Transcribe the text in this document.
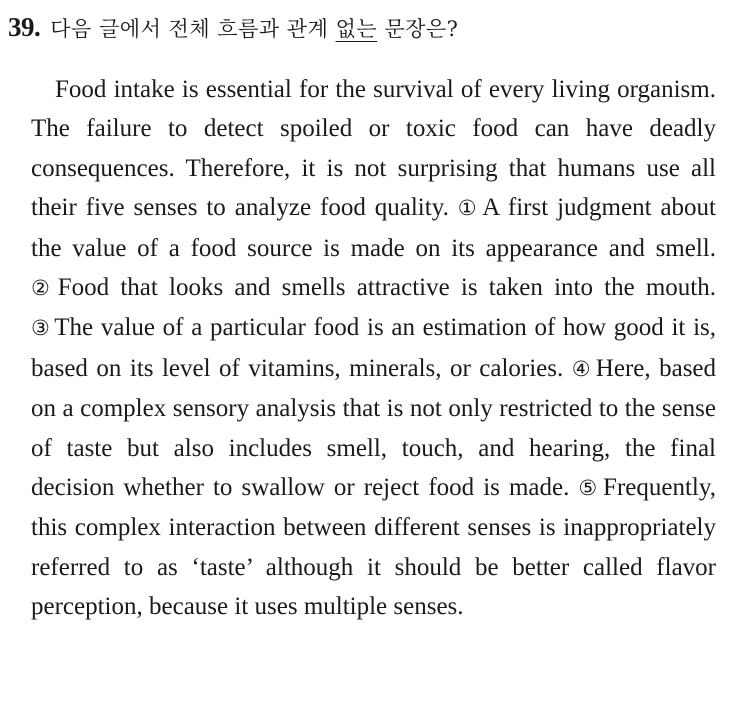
39. 다음 글에서 전체 흐름과 관계 없는 문장은?

Food intake is essential for the survival of every living organism. The failure to detect spoiled or toxic food can have deadly consequences. Therefore, it is not surprising that humans use all their five senses to analyze food quality. ① A first judgment about the value of a food source is made on its appearance and smell. ② Food that looks and smells attractive is taken into the mouth. ③ The value of a particular food is an estimation of how good it is, based on its level of vitamins, minerals, or calories. ④ Here, based on a complex sensory analysis that is not only restricted to the sense of taste but also includes smell, touch, and hearing, the final decision whether to swallow or reject food is made. ⑤ Frequently, this complex interaction between different senses is inappropriately referred to as ‘taste’ although it should be better called flavor perception, because it uses multiple senses.
